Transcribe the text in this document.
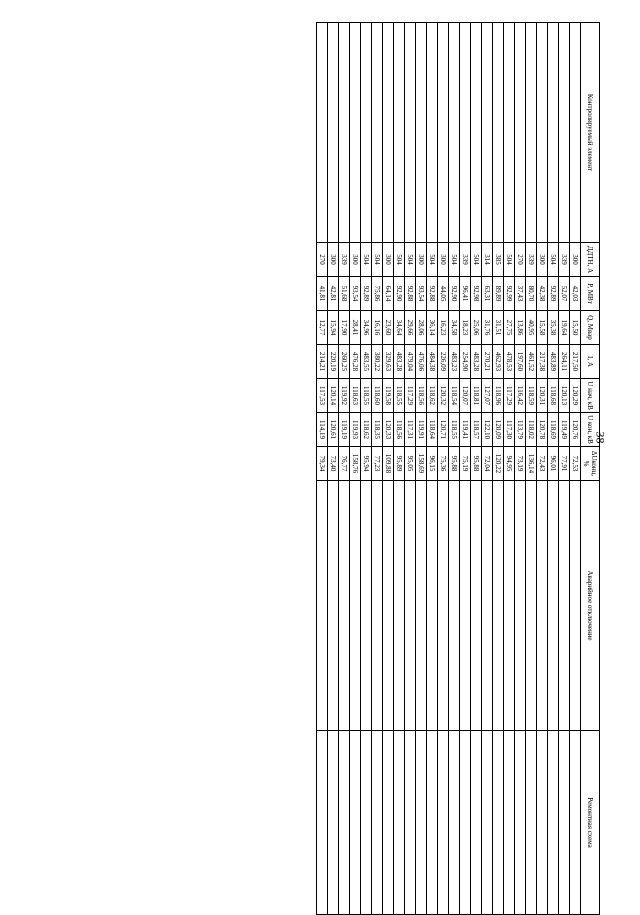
Контролируемый элемент	ДДТН, А	P, МВт	Q, Мвар	I, А	U нач, кВ	U кон, кВ	ΔUконц, %	Аварийное отключение	Ремонтная схема
	300	42,03	15,50	217,50	120,29	120,76	72,53		
	339	52,07	19,64	264,11	120,13	119,49	77,91		
	504	92,89	35,38	483,89	118,68	118,69	96,01		
	300	42,38	15,58	217,38	120,31	120,78	72,43		
	339	80,70	40,95	461,52	118,59	118,02	136,14		
	270	37,43	13,86	197,60	116,42	113,79	73,19		
	504	92,99	27,75	478,53	117,29	117,30	94,95		
	385	89,89	31,51	462,93	118,96	120,09	120,22		
	314	63,31	31,76	270,21	127,07	122,10	72,04		
	504	92,98	25,06	483,28	118,81	118,57	95,88		
	339	96,41	18,23	254,90	120,07	119,41	75,19		
	504	92,90	34,58	483,23	118,54	118,55	95,88		
	300	44,05	16,23	226,09	120,32	120,71	75,36		
	504	92,88	36,14	484,38	118,62	118,64	96,15		
	300	93,54	28,06	476,06	118,56	119,91	158,69		
	504	92,88	29,66	479,04	117,29	117,31	95,05		
	504	92,90	34,64	483,28	118,55	118,56	95,89		
	300	64,14	23,60	329,63	119,58	120,33	109,88		
	504	75,86	16,16	380,22	118,60	118,35	77,23		
	504	92,89	34,96	483,55	118,55	118,62	95,94		
	300	93,54	28,41	476,28	118,63	119,93	158,76		
	339	51,68	17,90	260,25	119,92	119,19	76,77		
	300	42,81	15,94	220,19	120,14	120,61	73,40		
	270	41,81	12,77	214,21	117,53	114,19	79,34		
38
